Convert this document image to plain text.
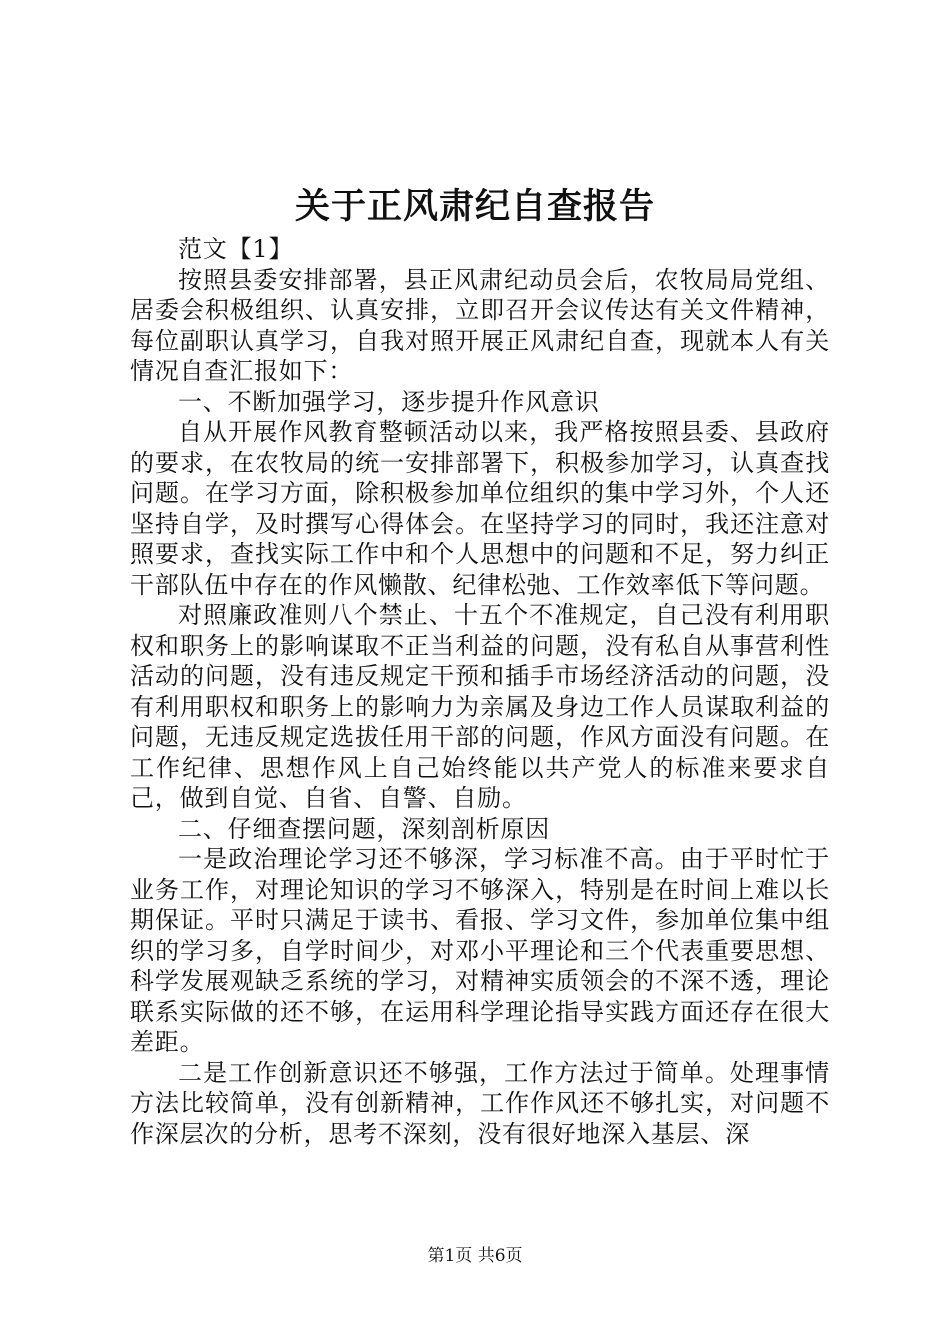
关于正风肃纪自查报告

范文【1】

按照县委安排部署，县正风肃纪动员会后，农牧局局党组、居委会积极组织、认真安排，立即召开会议传达有关文件精神，每位副职认真学习，自我对照开展正风肃纪自查，现就本人有关情况自查汇报如下：

一、不断加强学习，逐步提升作风意识

自从开展作风教育整顿活动以来，我严格按照县委、县政府的要求，在农牧局的统一安排部署下，积极参加学习，认真查找问题。在学习方面，除积极参加单位组织的集中学习外，个人还坚持自学，及时撰写心得体会。在坚持学习的同时，我还注意对照要求，查找实际工作中和个人思想中的问题和不足，努力纠正干部队伍中存在的作风懒散、纪律松弛、工作效率低下等问题。

对照廉政准则八个禁止、十五个不准规定，自己没有利用职权和职务上的影响谋取不正当利益的问题，没有私自从事营利性活动的问题，没有违反规定干预和插手市场经济活动的问题，没有利用职权和职务上的影响力为亲属及身边工作人员谋取利益的问题，无违反规定选拔任用干部的问题，作风方面没有问题。在工作纪律、思想作风上自己始终能以共产党人的标准来要求自己，做到自觉、自省、自警、自励。

二、仔细查摆问题，深刻剖析原因

一是政治理论学习还不够深，学习标准不高。由于平时忙于业务工作，对理论知识的学习不够深入，特别是在时间上难以长期保证。平时只满足于读书、看报、学习文件，参加单位集中组织的学习多，自学时间少，对邓小平理论和三个代表重要思想、科学发展观缺乏系统的学习，对精神实质领会的不深不透，理论联系实际做的还不够，在运用科学理论指导实践方面还存在很大差距。

二是工作创新意识还不够强，工作方法过于简单。处理事情方法比较简单，没有创新精神，工作作风还不够扎实，对问题不作深层次的分析，思考不深刻，没有很好地深入基层、深

第1页 共6页
